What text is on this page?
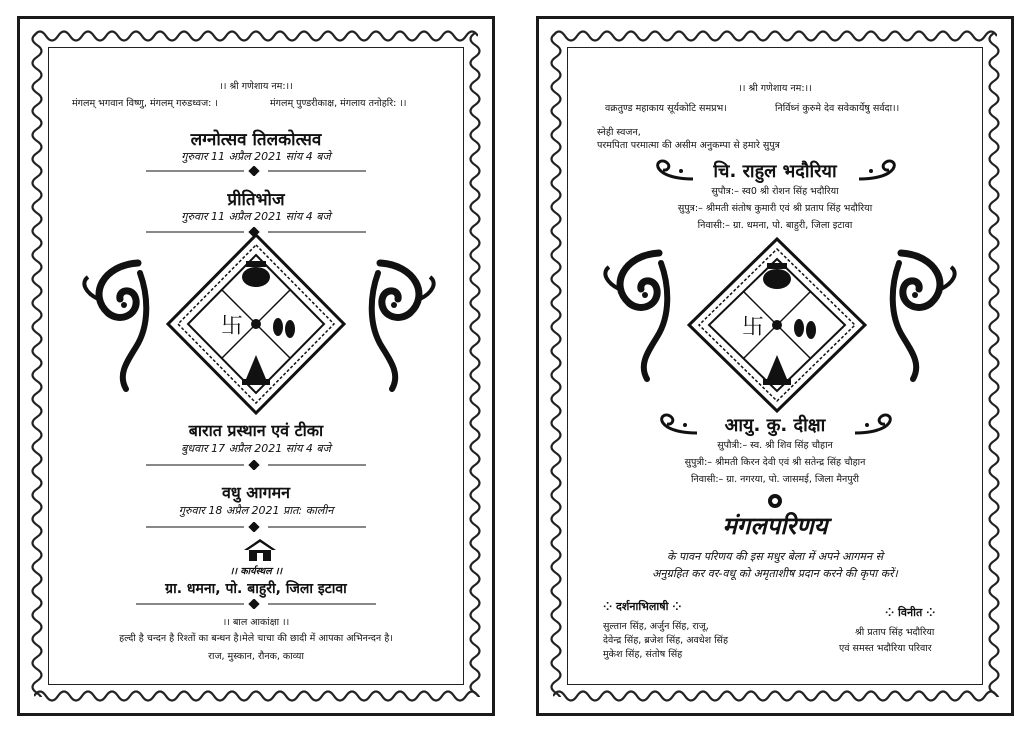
।। श्री गणेशाय नम:।।
मंगलम् भगवान विष्णु, मंगलम् गरुडध्वज: ।	मंगलम् पुण्डरीकाक्ष, मंगलाय तनोहरि: ।।
लग्नोत्सव तिलकोत्सव
गुरुवार 11 अप्रैल 2021 सांय 4 बजे
प्रीतिभोज
गुरुवार 11 अप्रैल 2021 सांय 4 बजे
卐
बारात प्रस्थान एवं टीका
बुधवार 17 अप्रैल 2021 सांय 4 बजे
वधु आगमन
गुरुवार 18 अप्रैल 2021 प्रात: कालीन
।। कार्यस्थल ।।
ग्रा. धमना, पो. बाहुरी, जिला इटावा
।। बाल आकांक्षा ।।
हल्दी है चन्दन है रिश्तों का बन्धन है।मेले चाचा की छादी में आपका अभिनन्दन है।
राज, मुस्कान, रौनक, काव्या
।। श्री गणेशाय नम:।।
वक्रतुण्ड महाकाय सूर्यकोटि समप्रभ।	निर्विध्नं कुरुमे देव सवेकार्येषु सर्वदा।।
स्नेही स्वजन,
परमपिता परमात्मा की असीम अनुकम्पा से हमारे सुपुत्र
चि. राहुल भदौरिया
सुपौत्र:– स्व0 श्री रोशन सिंह भदौरिया
सुपुत्र:– श्रीमती संतोष कुमारी एवं श्री प्रताप सिंह भदौरिया
निवासी:– ग्रा. धमना, पो. बाहुरी, जिला इटावा
卐
आयु. कु. दीक्षा
सुपौत्री:– स्व. श्री शिव सिंह चौहान
सुपुत्री:– श्रीमती किरन देवी एवं श्री सतेन्द्र सिंह चौहान
निवासी:– ग्रा. नगरया, पो. जासमई, जिला मैनपुरी
मंगलपरिणय
के पावन परिणय की इस मधुर बेला में अपने आगमन से
अनुग्रहित कर वर-वधू को अमृताशीष प्रदान करने की कृपा करें।
⁘ दर्शनाभिलाषी ⁘
सुल्तान सिंह, अर्जुन सिंह, राजू,
देवेन्द्र सिंह, ब्रजेश सिंह, अवधेश सिंह
मुकेश सिंह, संतोष सिंह
⁘ विनीत ⁘
श्री प्रताप सिंह भदौरिया
एवं समस्त भदौरिया परिवार
